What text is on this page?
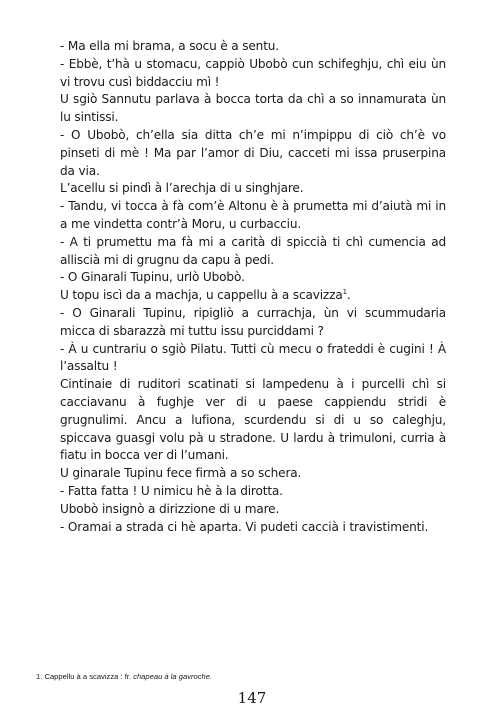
- Ma ella mi brama, a socu è a sentu.

- Ebbè, t’hà u stomacu, cappiò Ubobò cun schifeghju, chì eiu ùn vi trovu cusì biddacciu mì !

U sgiò Sannutu parlava à bocca torta da chì a so innamurata ùn lu sintissi.

- O Ubobò, ch’ella sia ditta ch’e mi n’impippu di ciò ch’è vo pinseti di mè ! Ma par l’amor di Diu, cacceti mi issa pruserpina da via.

L’acellu si pindì à l’arechja di u singhjare.

- Tandu, vi tocca à fà com’è Altonu è à prumetta mi d’aiutà mi in a me vindetta contr’à Moru, u curbacciu.

- A ti prumettu ma fà mi a carità di spiccià ti chì cumencia ad alliscià mi di grugnu da capu à pedi.

- O Ginarali Tupinu, urlò Ubobò.

U topu iscì da a machja, u cappellu à a scavizza$^1$.

- O Ginarali Tupinu, ripigliò a currachja, ùn vi scummudaria micca di sbarazzà mi tuttu issu purciddami ?

- À u cuntrariu o sgiò Pilatu. Tutti cù mecu o frateddi è cugini ! À l’assaltu !

Cintinaie di ruditori scatinati si lampedenu à i purcelli chì si cacciavanu à fughje ver di u paese cappiendu stridi è grugnulimi. Ancu a lufiona, scurdendu si di u so caleghju, spiccava guasgi volu pà u stradone. U lardu à trimuloni, curria à fiatu in bocca ver di l’umani.

U ginarale Tupinu fece firmà a so schera.

- Fatta fatta ! U nimicu hè à la dirotta.

Ubobò insignò a dirizzione di u mare.

- Oramai a strada ci hè aparta. Vi pudeti caccià i travistimenti.

1. Cappellu à a scavizza : fr. chapeau à la gavroche.
147
